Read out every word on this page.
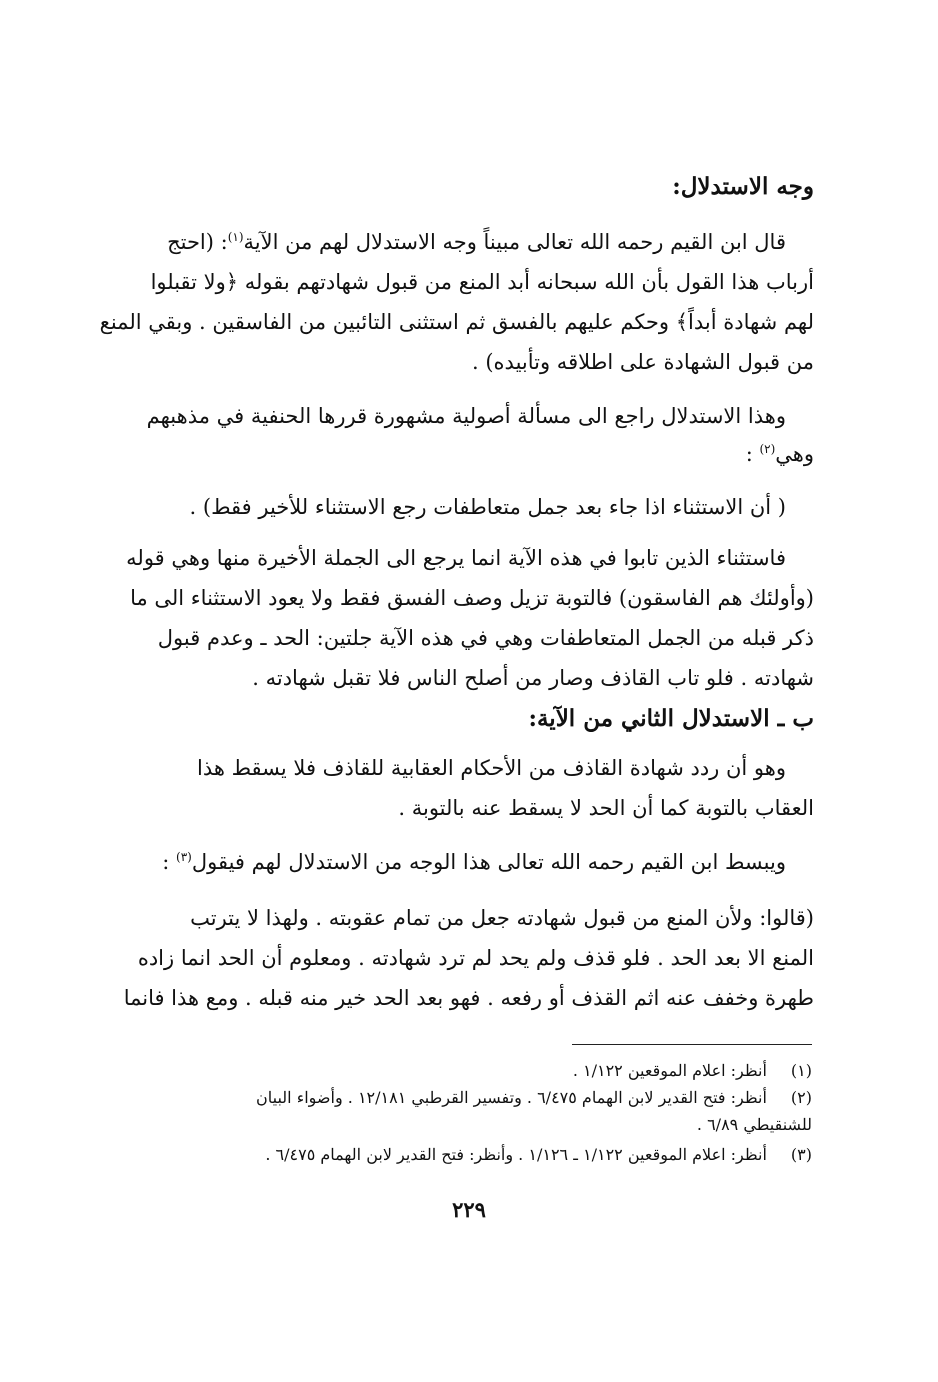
وجه الاستدلال:

قال ابن القيم رحمه الله تعالى مبيناً وجه الاستدلال لهم من الآية$^{(١)}$: (احتج
أرباب هذا القول بأن الله سبحانه أبد المنع من قبول شهادتهم بقوله ﴿ولا تقبلوا
لهم شهادة أبداً﴾ وحكم عليهم بالفسق ثم استثنى التائبين من الفاسقين . وبقي المنع
من قبول الشهادة على اطلاقه وتأبيده) .

وهذا الاستدلال راجع الى مسألة أصولية مشهورة قررها الحنفية في مذهبهم
وهي$^{(٢)}$ :

( أن الاستثناء اذا جاء بعد جمل متعاطفات رجع الاستثناء للأخير فقط) .

فاستثناء الذين تابوا في هذه الآية انما يرجع الى الجملة الأخيرة منها وهي قوله
(وأولئك هم الفاسقون) فالتوبة تزيل وصف الفسق فقط ولا يعود الاستثناء الى ما
ذكر قبله من الجمل المتعاطفات وهي في هذه الآية جلتين: الحد ـ وعدم قبول
شهادته . فلو تاب القاذف وصار من أصلح الناس فلا تقبل شهادته .

ب ـ الاستدلال الثاني من الآية:

وهو أن ردد شهادة القاذف من الأحكام العقابية للقاذف فلا يسقط هذا
العقاب بالتوبة كما أن الحد لا يسقط عنه بالتوبة .

ويبسط ابن القيم رحمه الله تعالى هذا الوجه من الاستدلال لهم فيقول$^{(٣)}$ :

(قالوا: ولأن المنع من قبول شهادته جعل من تمام عقوبته . ولهذا لا يترتب
المنع الا بعد الحد . فلو قذف ولم يحد لم ترد شهادته . ومعلوم أن الحد انما زاده
طهرة وخفف عنه اثم القذف أو رفعه . فهو بعد الحد خير منه قبله . ومع هذا فانما

(١) أنظر: اعلام الموقعين ١/١٢٢ .
(٢) أنظر: فتح القدير لابن الهمام ٦/٤٧٥ . وتفسير القرطبي ١٢/١٨١ . وأضواء البيان
للشنقيطي ٦/٨٩ .
(٣) أنظر: اعلام الموقعين ١/١٢٢ ـ ١/١٢٦ . وأنظر: فتح القدير لابن الهمام ٦/٤٧٥ .
٢٢٩
